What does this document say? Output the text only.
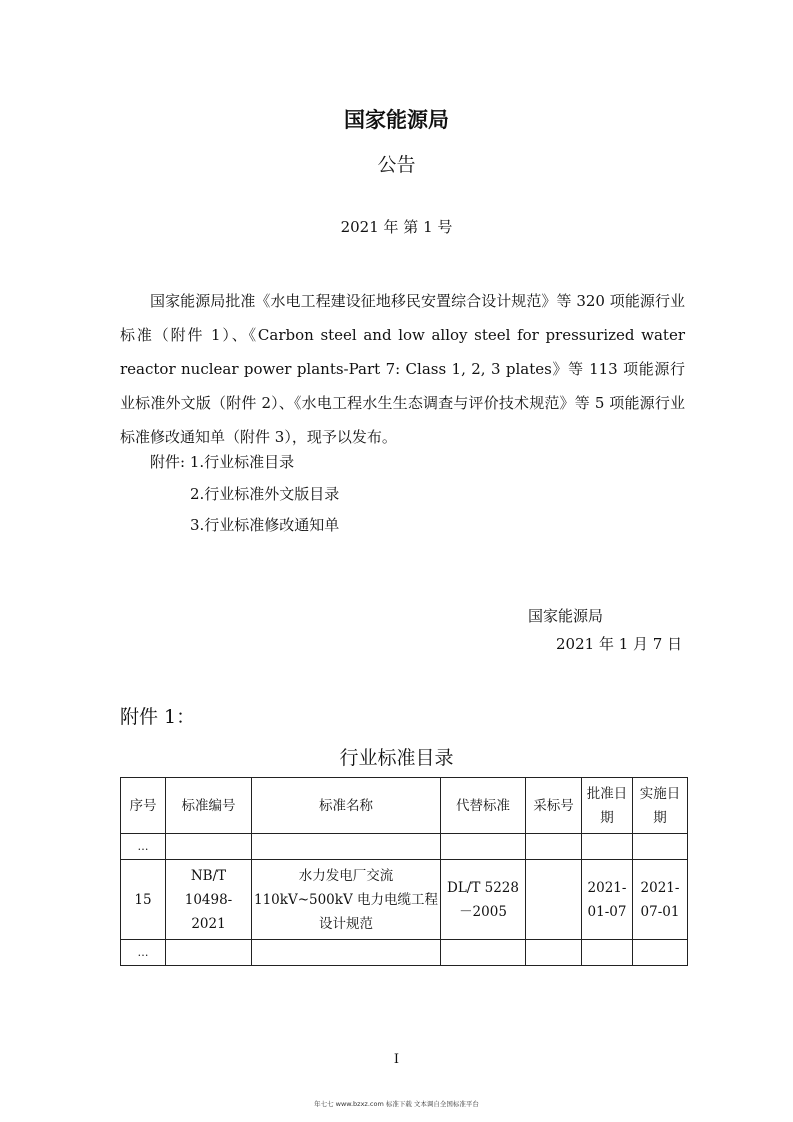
国家能源局
公告
2021 年 第 1 号
国家能源局批准《水电工程建设征地移民安置综合设计规范》等 320 项能源行业标准（附件 1）、《Carbon steel and low alloy steel for pressurized water reactor nuclear power plants-Part 7: Class 1, 2, 3 plates》等 113 项能源行业标准外文版（附件 2）、《水电工程水生生态调查与评价技术规范》等 5 项能源行业标准修改通知单（附件 3），现予以发布。
附件: 1.行业标准目录
2.行业标准外文版目录
3.行业标准修改通知单
国家能源局
2021 年 1 月 7 日
附件 1：
行业标准目录
序号	标准编号	标准名称	代替标准	采标号	批准日期	实施日期
…						
15	NB/T 10498-2021	水力发电厂交流 110kV~500kV 电力电缆工程设计规范	DL/T 5228－2005		2021-01-07	2021-07-01
…						
I
年七七 www.bzxz.com 标准下载 文本调自全国标准平台
